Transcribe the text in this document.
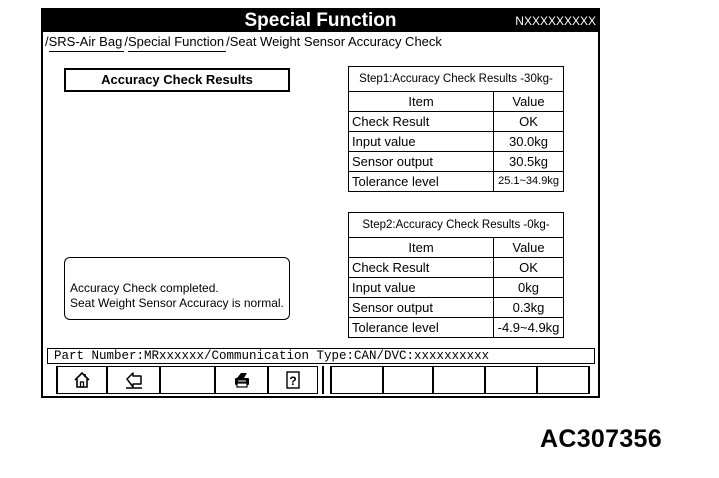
Special Function	NXXXXXXXXX
/SRS-Air Bag /Special Function /Seat Weight Sensor Accuracy Check
Accuracy Check Results	Step1:Accuracy Check Results -30kg-	
Item	Value
Check Result	OK
Input value	30.0kg
Sensor output	30.5kg
Tolerance level	25.1~34.9kg
Step2:Accuracy Check Results -0kg-	
Item	Value
Check Result	OK
Input value	0kg
Sensor output	0.3kg
Tolerance level	-4.9~4.9kg
Accuracy Check completed.
Seat Weight Sensor Accuracy is normal.
Part Number:MRxxxxxx/Communication Type:CAN/DVC:xxxxxxxxxx
?
AC307356
